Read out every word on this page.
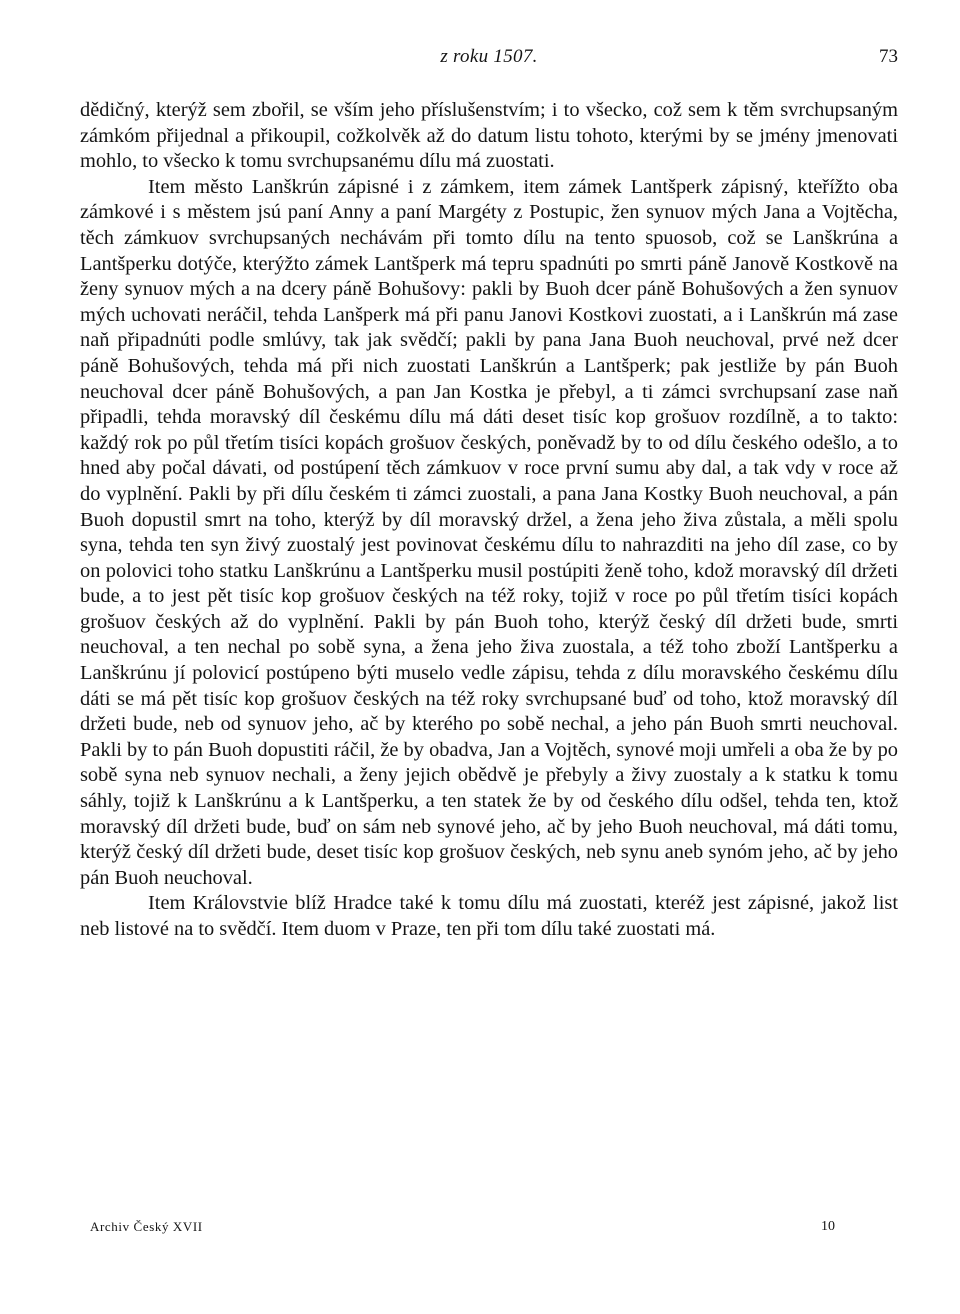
z roku 1507.	73

dědičný, kterýž sem zbořil, se vším jeho příslušenstvím; i to všecko, což sem k těm svrchupsaným zámkóm přijednal a přikoupil, cožkolvěk až do datum listu tohoto, kterými by se jmény jmenovati mohlo, to všecko k tomu svrchupsanému dílu má zuostati.

Item město Lanškrún zápisné i z zámkem, item zámek Lantšperk zápisný, kteřížto oba zámkové i s městem jsú paní Anny a paní Margéty z Postupic, žen synuov mých Jana a Vojtěcha, těch zámkuov svrchupsaných nechávám při tomto dílu na tento spuosob, což se Lanškrúna a Lantšperku dotýče, kterýžto zámek Lantšperk má tepru spadnúti po smrti páně Janově Kostkově na ženy synuov mých a na dcery páně Bohušovy: pakli by Buoh dcer páně Bohušových a žen synuov mých uchovati neráčil, tehda Lanšperk má při panu Janovi Kostkovi zuostati, a i Lanškrún má zase naň připadnúti podle smlúvy, tak jak svědčí; pakli by pana Jana Buoh neuchoval, prvé než dcer páně Bohušových, tehda má při nich zuostati Lanškrún a Lantšperk; pak jestliže by pán Buoh neuchoval dcer páně Bohušových, a pan Jan Kostka je přebyl, a ti zámci svrchupsaní zase naň připadli, tehda moravský díl českému dílu má dáti deset tisíc kop grošuov rozdílně, a to takto: každý rok po půl třetím tisíci kopách grošuov českých, poněvadž by to od dílu českého odešlo, a to hned aby počal dávati, od postúpení těch zámkuov v roce první sumu aby dal, a tak vdy v roce až do vyplnění. Pakli by při dílu českém ti zámci zuostali, a pana Jana Kostky Buoh neuchoval, a pán Buoh dopustil smrt na toho, kterýž by díl moravský držel, a žena jeho živa zůstala, a měli spolu syna, tehda ten syn živý zuostalý jest povinovat českému dílu to nahrazditi na jeho díl zase, co by on polovici toho statku Lanškrúnu a Lantšperku musil postúpiti ženě toho, kdož moravský díl držeti bude, a to jest pět tisíc kop grošuov českých na též roky, tojiž v roce po půl třetím tisíci kopách grošuov českých až do vyplnění. Pakli by pán Buoh toho, kterýž český díl držeti bude, smrti neuchoval, a ten nechal po sobě syna, a žena jeho živa zuostala, a též toho zboží Lantšperku a Lanškrúnu jí polovicí postúpeno býti muselo vedle zápisu, tehda z dílu moravského českému dílu dáti se má pět tisíc kop grošuov českých na též roky svrchupsané buď od toho, ktož moravský díl držeti bude, neb od synuov jeho, ač by kterého po sobě nechal, a jeho pán Buoh smrti neuchoval. Pakli by to pán Buoh dopustiti ráčil, že by obadva, Jan a Vojtěch, synové moji umřeli a oba že by po sobě syna neb synuov nechali, a ženy jejich obědvě je přebyly a živy zuostaly a k statku k tomu sáhly, tojiž k Lanškrúnu a k Lantšperku, a ten statek že by od českého dílu odšel, tehda ten, ktož moravský díl držeti bude, buď on sám neb synové jeho, ač by jeho Buoh neuchoval, má dáti tomu, kterýž český díl držeti bude, deset tisíc kop grošuov českých, neb synu aneb synóm jeho, ač by jeho pán Buoh neuchoval.

Item Královstvie blíž Hradce také k tomu dílu má zuostati, kteréž jest zápisné, jakož list neb listové na to svědčí. Item duom v Praze, ten při tom dílu také zuostati má.

Archiv Český XVII	10
